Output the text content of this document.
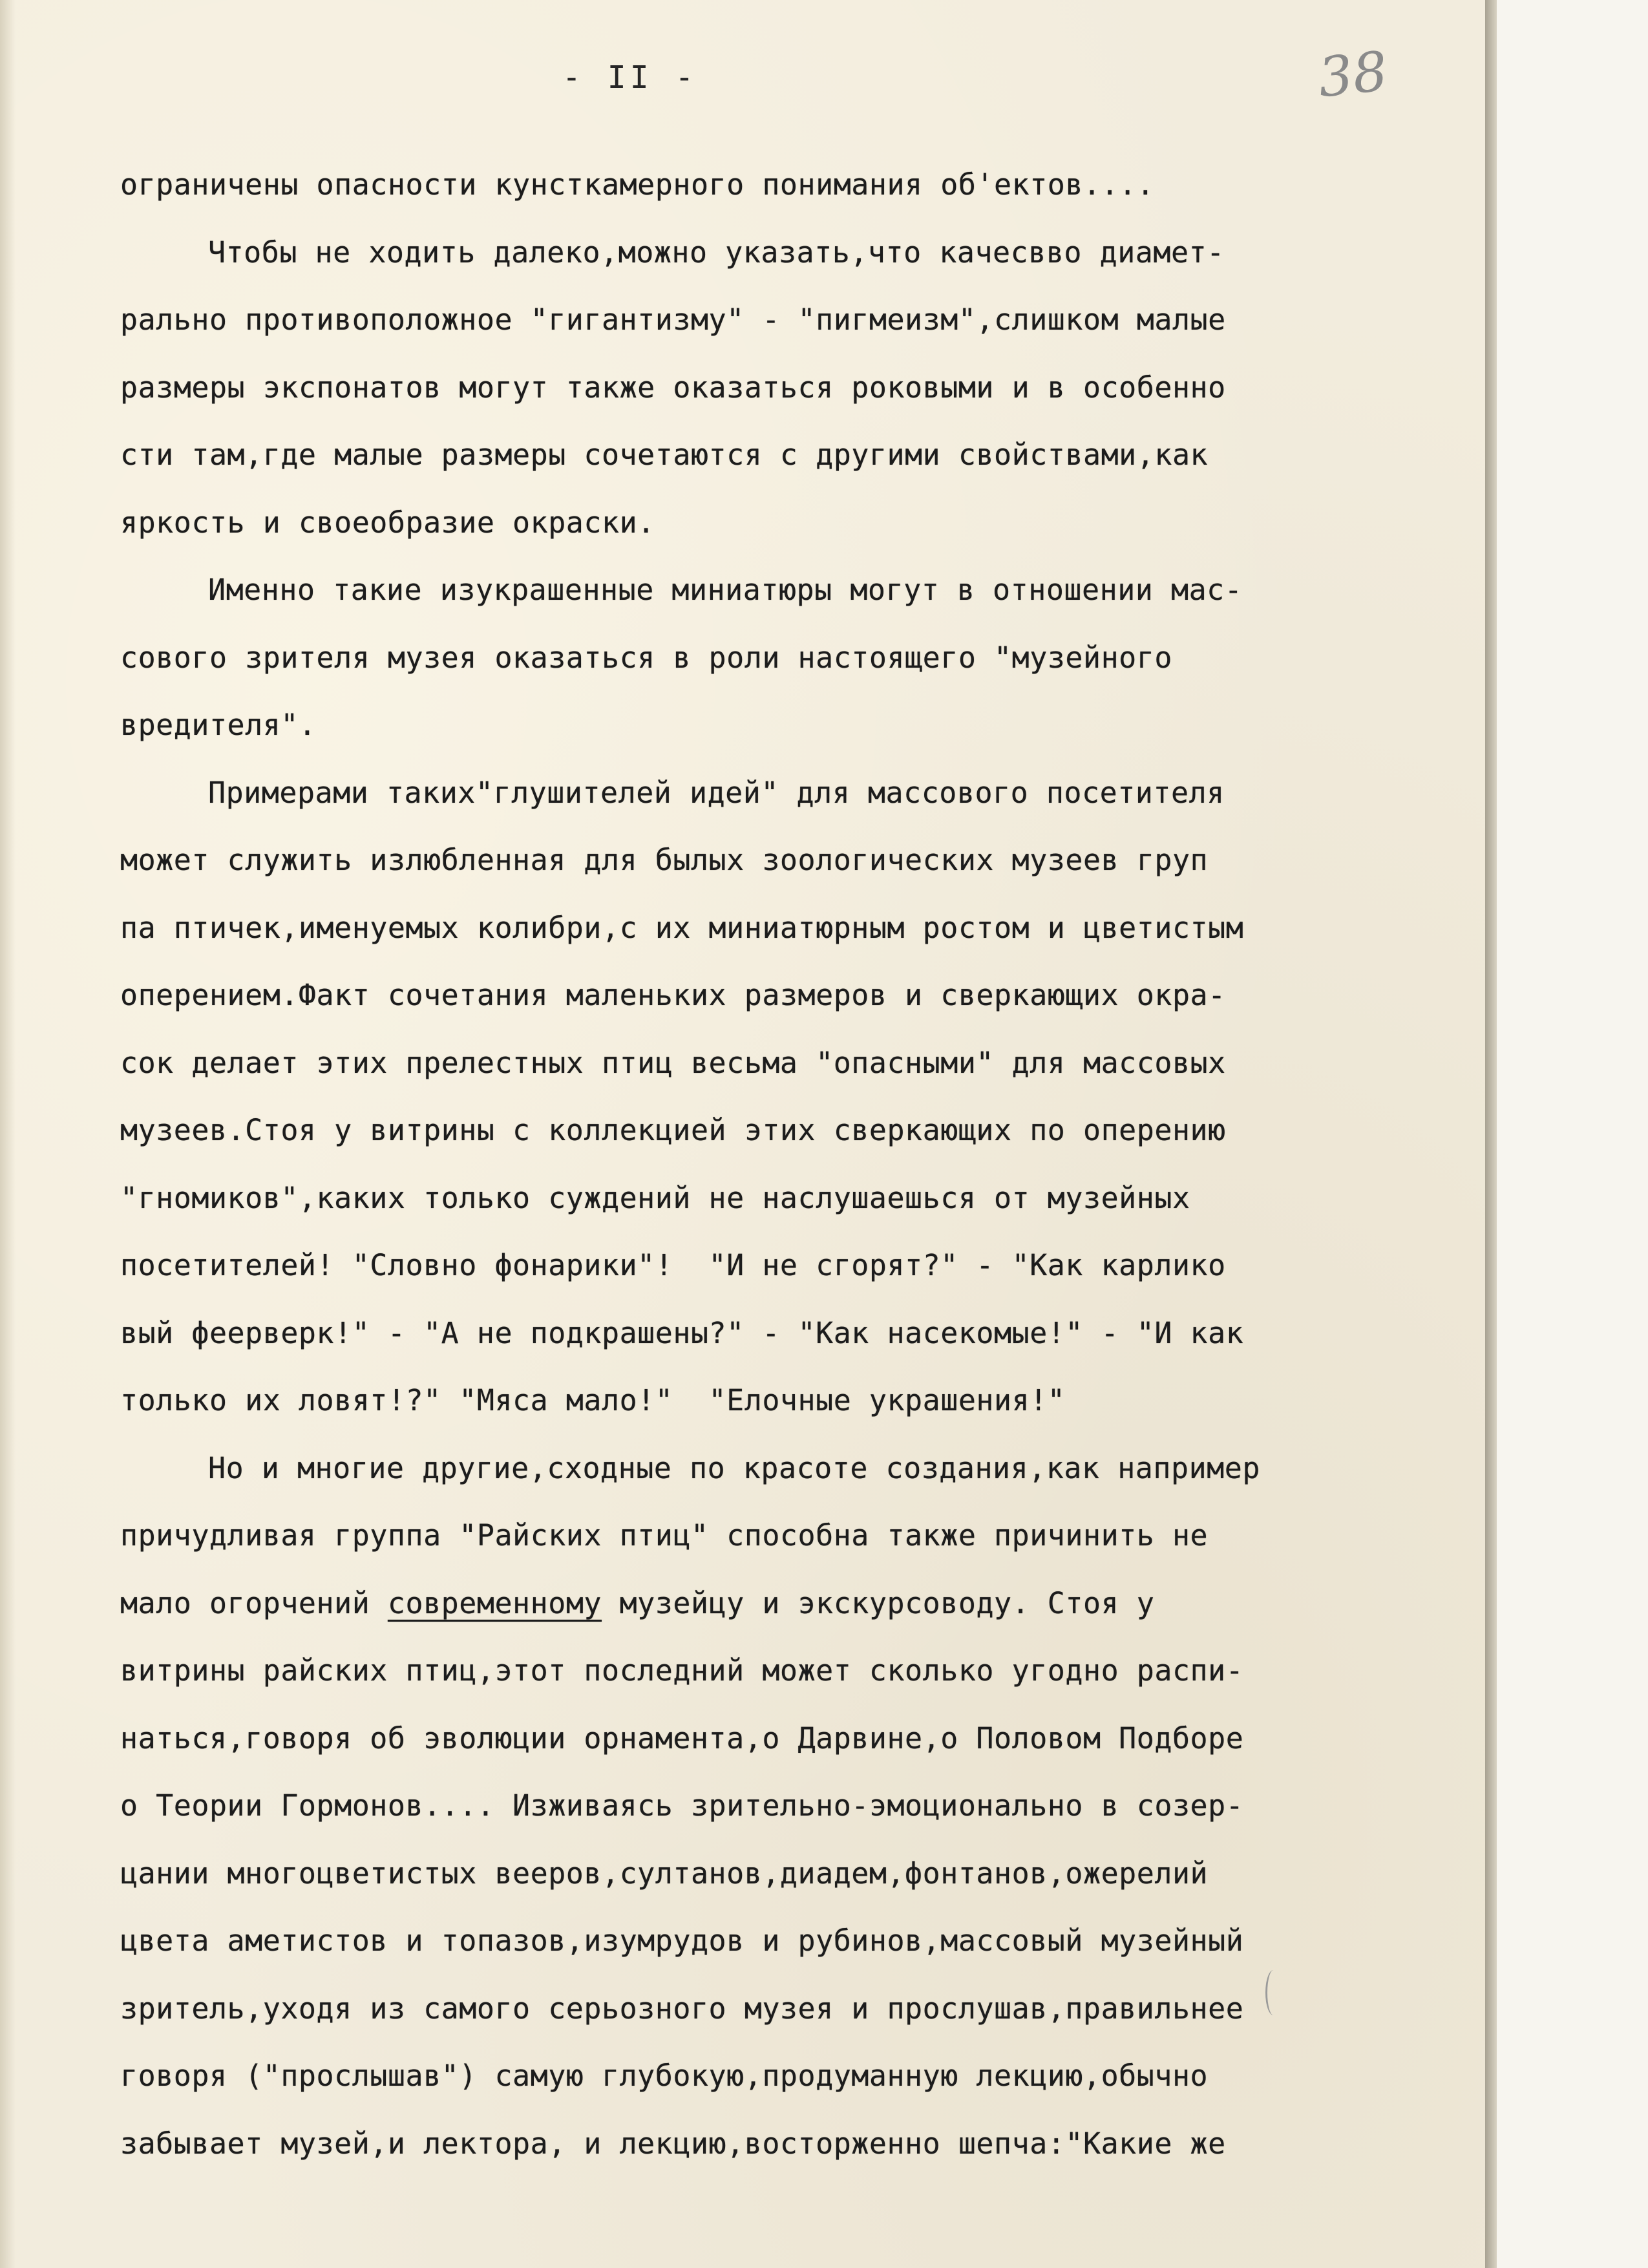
- II -	38
ограничены опасности кунсткамерного понимания об'ектов....
Чтобы не ходить далеко,можно указать,что качесвво диамет-
рально противоположное "гигантизму" - "пигмеизм",слишком малые
размеры экспонатов могут также оказаться роковыми и в особенно
сти там,где малые размеры сочетаются с другими свойствами,как
яркость и своеобразие окраски.
Именно такие изукрашенные миниатюры могут в отношении мас-
сового зрителя музея оказаться в роли настоящего "музейного
вредителя".
Примерами таких"глушителей идей" для массового посетителя
может служить излюбленная для былых зоологических музеев груп
па птичек,именуемых колибри,с их миниатюрным ростом и цветистым
оперением.Факт сочетания маленьких размеров и сверкающих окра-
сок делает этих прелестных птиц весьма "опасными" для массовых
музеев.Стоя у витрины с коллекцией этих сверкающих по оперению
"гномиков",каких только суждений не наслушаешься от музейных
посетителей! "Словно фонарики"!  "И не сгорят?" - "Как карлико
вый феерверк!" - "А не подкрашены?" - "Как насекомые!" - "И как
только их ловят!?" "Мяса мало!"  "Елочные украшения!"
Но и многие другие,сходные по красоте создания,как например
причудливая группа "Райских птиц" способна также причинить не
мало огорчений современному музейцу и экскурсоводу. Стоя у
витрины райских птиц,этот последний может сколько угодно распи-
наться,говоря об эволюции орнамента,о Дарвине,о Половом Подборе
о Теории Гормонов.... Изживаясь зрительно-эмоционально в созер-
цании многоцветистых вееров,султанов,диадем,фонтанов,ожерелий
цвета аметистов и топазов,изумрудов и рубинов,массовый музейный
зритель,уходя из самого серьозного музея и прослушав,правильнее
говоря ("прослышав") самую глубокую,продуманную лекцию,обычно
забывает музей,и лектора, и лекцию,восторженно шепча:"Какие же
